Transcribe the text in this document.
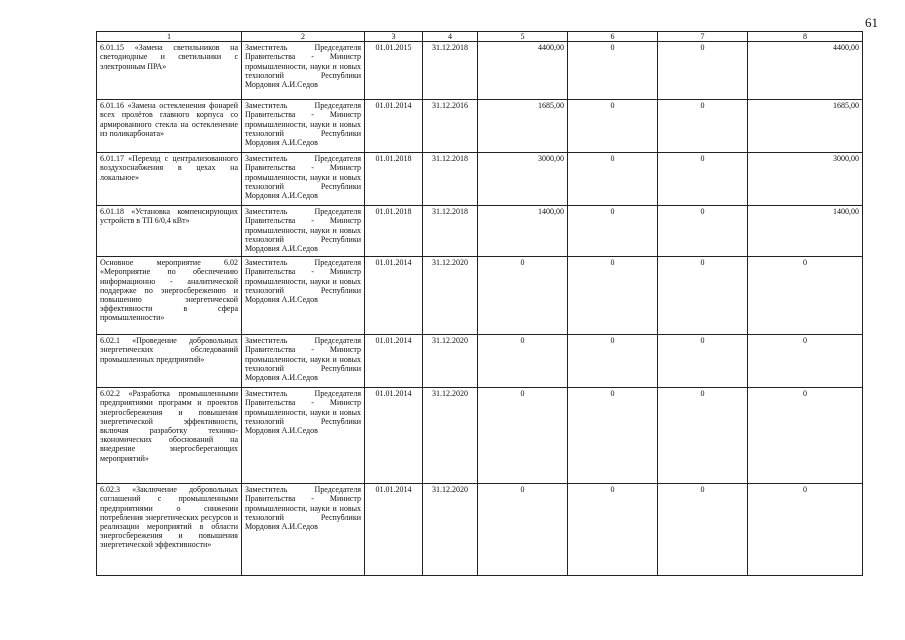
61
1	2	3	4	5	6	7	8
6.01.15 «Замена светильников на светодиодные и светильники с электронным ПРА»	Заместитель Председателя Правительства - Министр промышленности, науки и новых технологий Республики Мордовия А.И.Седов	01.01.2015	31.12.2018	4400,00	0	0	4400,00
6.01.16 «Замена остекленения фонарей всех пролётов главного корпуса со армированного стекла на остекленение из поликарбоната»	Заместитель Председателя Правительства - Министр промышленности, науки и новых технологий Республики Мордовия А.И.Седов	01.01.2014	31.12.2016	1685,00	0	0	1685,00
6.01.17 «Переход с централизованного воздухоснабжения в цехах на локальное»	Заместитель Председателя Правительства - Министр промышленности, науки и новых технологий Республики Мордовия А.И.Седов	01.01.2018	31.12.2018	3000,00	0	0	3000,00
6.01.18 «Установка компенсирующих устройств в ТП 6/0,4 кВт»	Заместитель Председателя Правительства - Министр промышленности, науки и новых технологий Республики Мордовия А.И.Седов	01.01.2018	31.12.2018	1400,00	0	0	1400,00
Основное мероприятие 6.02 «Мероприятие по обеспечению информационно - аналитической поддержке по энергосбережению и повышению энергетической эффективности в сфера промышленности»	Заместитель Председателя Правительства - Министр промышленности, науки и новых технологий Республики Мордовия А.И.Седов	01.01.2014	31.12.2020	0	0	0	0
6.02.1 «Проведение добровольных энергетических обследований промышленных предприятий»	Заместитель Председателя Правительства - Министр промышленности, науки и новых технологий Республики Мордовия А.И.Седов	01.01.2014	31.12.2020	0	0	0	0
6.02.2 «Разработка промышленными предприятиями программ и проектов энергосбережения и повышения энергетической эффективности, включая разработку технико-экономических обоснований на внедрение энергосберегающих мероприятий»	Заместитель Председателя Правительства - Министр промышленности, науки и новых технологий Республики Мордовия А.И.Седов	01.01.2014	31.12.2020	0	0	0	0
6.02.3 «Заключение добровольных соглашений с промышленными предприятиями о снижении потребления энергетических ресурсов и реализации мероприятий в области энергосбережения и повышения энергетической эффективности»	Заместитель Председателя Правительства - Министр промышленности, науки и новых технологий Республики Мордовия А.И.Седов	01.01.2014	31.12.2020	0	0	0	0
